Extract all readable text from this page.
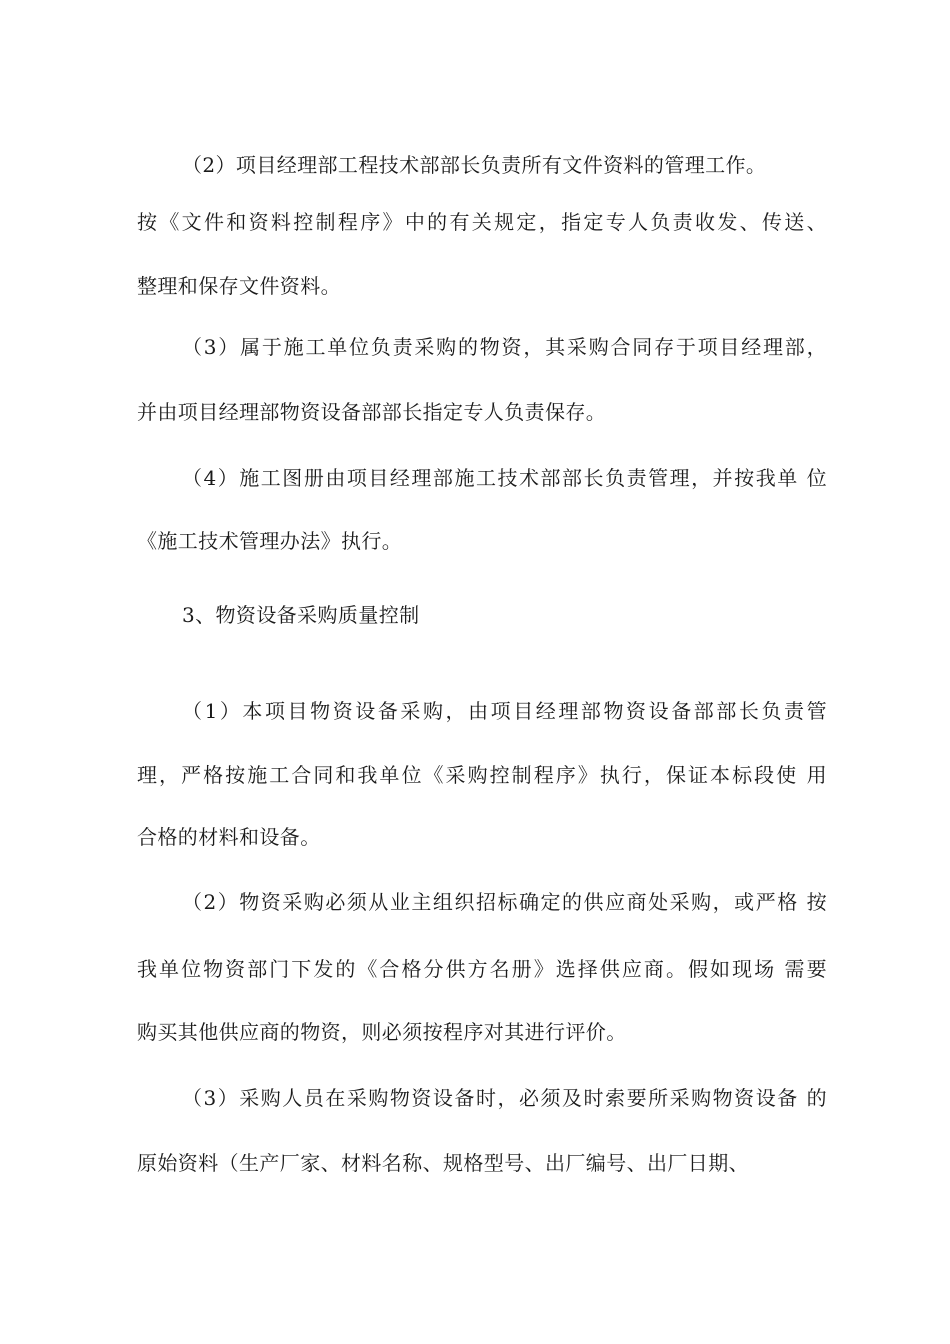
（2）项目经理部工程技术部部长负责所有文件资料的管理工作。
按《文件和资料控制程序》中的有关规定，指定专人负责收发、传送、
整理和保存文件资料。
（3）属于施工单位负责采购的物资，其采购合同存于项目经理部，
并由项目经理部物资设备部部长指定专人负责保存。
（4）施工图册由项目经理部施工技术部部长负责管理，并按我单 位
《施工技术管理办法》执行。
3、物资设备采购质量控制
（1）本项目物资设备采购，由项目经理部物资设备部部长负责管
理，严格按施工合同和我单位《采购控制程序》执行，保证本标段使 用
合格的材料和设备。
（2）物资采购必须从业主组织招标确定的供应商处采购，或严格 按
我单位物资部门下发的《合格分供方名册》选择供应商。假如现场 需要
购买其他供应商的物资，则必须按程序对其进行评价。
（3）采购人员在采购物资设备时，必须及时索要所采购物资设备 的
原始资料（生产厂家、材料名称、规格型号、出厂编号、出厂日期、
